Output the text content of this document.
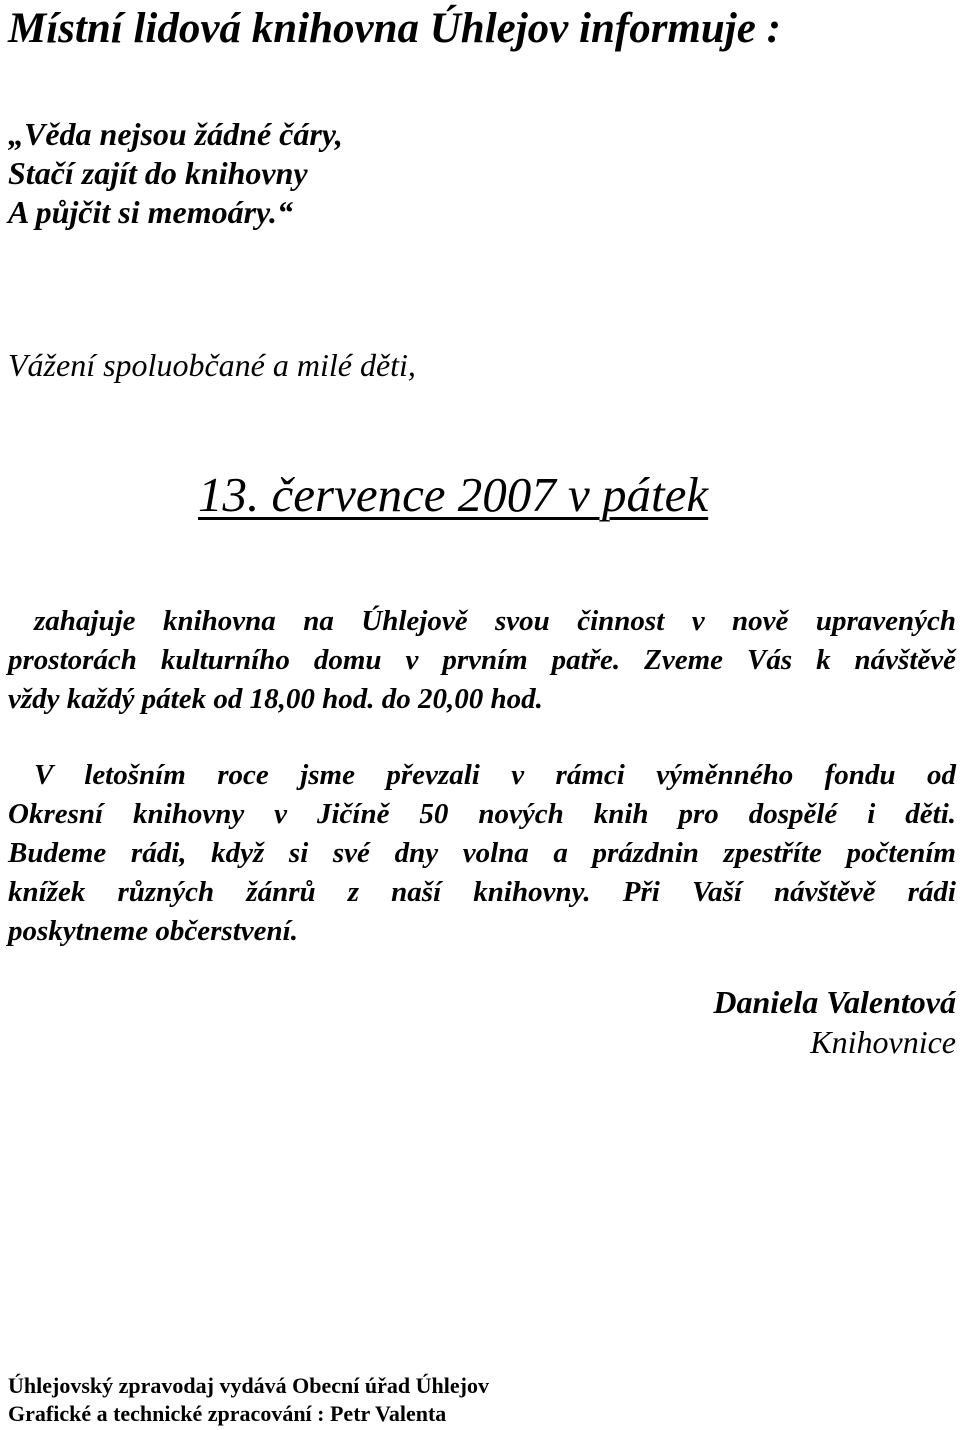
Místní lidová knihovna Úhlejov informuje :
„Věda nejsou žádné čáry,
Stačí zajít do knihovny
A půjčit si memoáry.“
Vážení spoluobčané a milé děti,
13. července 2007 v pátek
zahajuje knihovna na Úhlejově svou činnost v nově upravených
prostorách kulturního domu v prvním patře. Zveme Vás k návštěvě
vždy každý pátek od 18,00 hod. do 20,00 hod.
V letošním roce jsme převzali v rámci výměnného fondu od
Okresní knihovny v Jičíně 50 nových knih pro dospělé i děti.
Budeme rádi, když si své dny volna a prázdnin zpestříte počtením
knížek různých žánrů z naší knihovny. Při Vaší návštěvě rádi
poskytneme občerstvení.
Daniela Valentová
Knihovnice
Úhlejovský zpravodaj vydává Obecní úřad Úhlejov
Grafické a technické zpracování : Petr Valenta
